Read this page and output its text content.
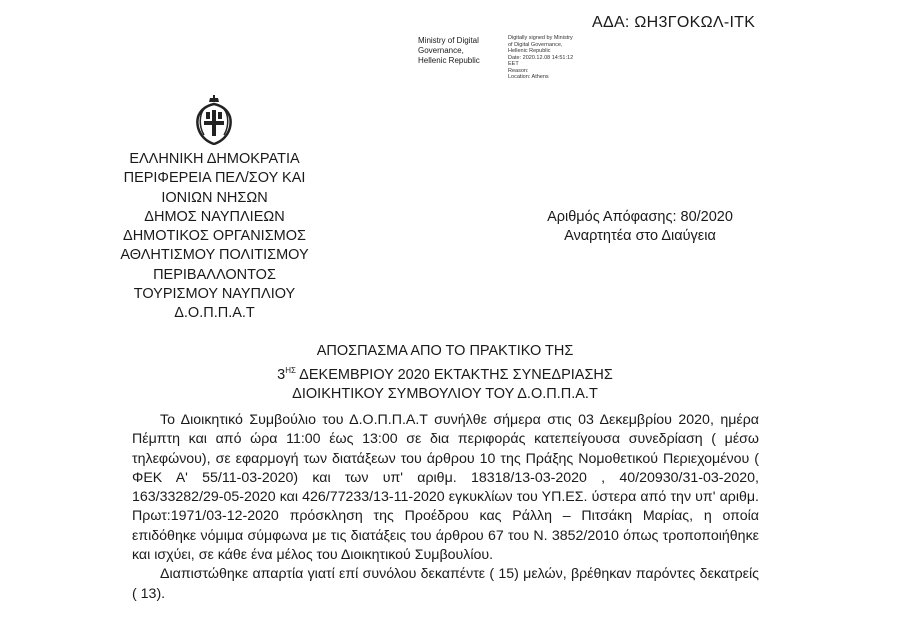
ΑΔΑ: ΩΗ3ΓΟΚΩΛ-ΙΤΚ
Ministry of Digital
Governance,
Hellenic Republic
Digitally signed by Ministry
of Digital Governance,
Hellenic Republic
Date: 2020.12.08 14:51:12
EET
Reason:
Location: Athens
ΕΛΛΗΝΙΚΗ ΔΗΜΟΚΡΑΤΙΑ
ΠΕΡΙΦΕΡΕΙΑ ΠΕΛ/ΣΟΥ ΚΑΙ
ΙΟΝΙΩΝ ΝΗΣΩΝ
ΔΗΜΟΣ ΝΑΥΠΛΙΕΩΝ
ΔΗΜΟΤΙΚΟΣ ΟΡΓΑΝΙΣΜΟΣ
ΑΘΛΗΤΙΣΜΟΥ ΠΟΛΙΤΙΣΜΟΥ
ΠΕΡΙΒΑΛΛΟΝΤΟΣ
ΤΟΥΡΙΣΜΟΥ ΝΑΥΠΛΙΟΥ
Δ.Ο.Π.Π.Α.Τ
Αριθμός Απόφασης: 80/2020
Αναρτητέα στο Διαύγεια
ΑΠΟΣΠΑΣΜΑ ΑΠΟ ΤΟ ΠΡΑΚΤΙΚΟ ΤΗΣ
$3^{H\Sigma}$ ΔΕΚΕΜΒΡΙΟΥ 2020 ΕΚΤΑΚΤΗΣ ΣΥΝΕΔΡΙΑΣΗΣ
ΔΙΟΙΚΗΤΙΚΟΥ ΣΥΜΒΟΥΛΙΟΥ ΤΟΥ Δ.Ο.Π.Π.Α.Τ

Το Διοικητικό Συμβούλιο του Δ.Ο.Π.Π.Α.Τ συνήλθε σήμερα στις 03 Δεκεμβρίου 2020, ημέρα Πέμπτη και από ώρα 11:00 έως 13:00 σε δια περιφοράς κατεπείγουσα συνεδρίαση ( μέσω τηλεφώνου), σε εφαρμογή των διατάξεων του άρθρου 10 της Πράξης Νομοθετικού Περιεχομένου ( ΦΕΚ Α' 55/11-03-2020) και των υπ' αριθμ. 18318/13-03-2020 , 40/20930/31-03-2020, 163/33282/29-05-2020 και 426/77233/13-11-2020 εγκυκλίων του ΥΠ.ΕΣ. ύστερα από την υπ' αριθμ. Πρωτ:1971/03-12-2020 πρόσκληση της Προέδρου κας Ράλλη – Πιτσάκη Μαρίας, η οποία επιδόθηκε νόμιμα σύμφωνα με τις διατάξεις του άρθρου 67 του Ν. 3852/2010 όπως τροποποιήθηκε και ισχύει, σε κάθε ένα μέλος του Διοικητικού Συμβουλίου.

Διαπιστώθηκε απαρτία γιατί επί συνόλου δεκαπέντε ( 15) μελών, βρέθηκαν παρόντες δεκατρείς ( 13).
